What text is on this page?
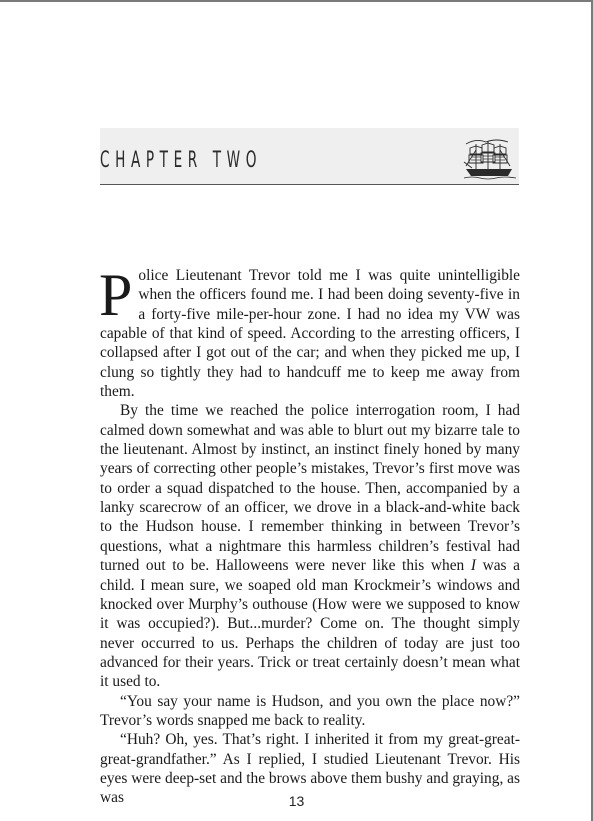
CHAPTER TWO

Police Lieutenant Trevor told me I was quite unintelligible when the officers found me. I had been doing seventy-five in a forty-five mile-per-hour zone. I had no idea my VW was capable of that kind of speed. According to the arresting officers, I collapsed after I got out of the car; and when they picked me up, I clung so tightly they had to handcuff me to keep me away from them.

By the time we reached the police interrogation room, I had calmed down somewhat and was able to blurt out my bizarre tale to the lieutenant. Almost by instinct, an instinct finely honed by many years of correcting other people’s mistakes, Trevor’s first move was to order a squad dispatched to the house. Then, accompanied by a lanky scarecrow of an officer, we drove in a black-and-white back to the Hudson house. I remember thinking in between Trevor’s questions, what a nightmare this harmless children’s festival had turned out to be. Halloweens were never like this when I was a child. I mean sure, we soaped old man Krockmeir’s windows and knocked over Murphy’s outhouse (How were we supposed to know it was occupied?). But...murder? Come on. The thought simply never occurred to us. Perhaps the children of today are just too advanced for their years. Trick or treat certainly doesn’t mean what it used to.

“You say your name is Hudson, and you own the place now?” Trevor’s words snapped me back to reality.

“Huh? Oh, yes. That’s right. I inherited it from my great-great-great-grandfather.” As I replied, I studied Lieutenant Trevor. His eyes were deep-set and the brows above them bushy and graying, as was	13
